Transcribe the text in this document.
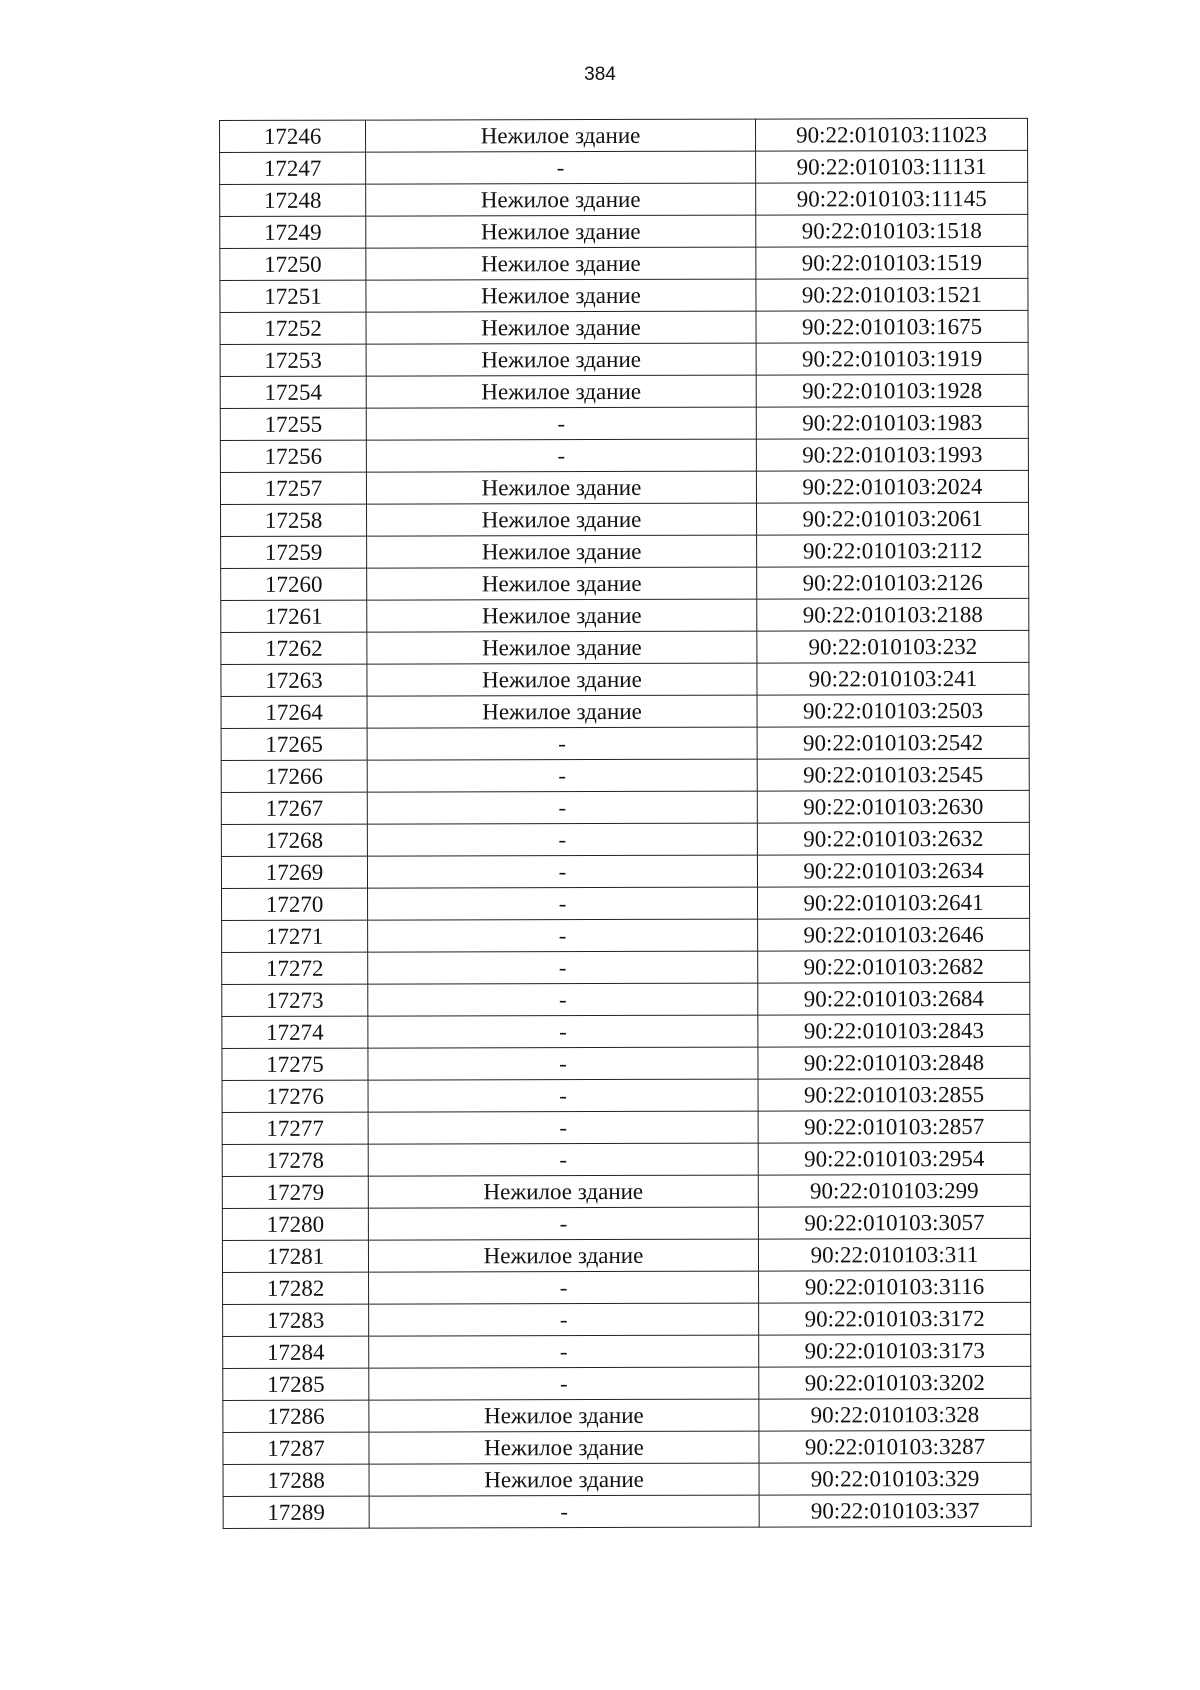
384
17246	Нежилое здание	90:22:010103:11023
17247	-	90:22:010103:11131
17248	Нежилое здание	90:22:010103:11145
17249	Нежилое здание	90:22:010103:1518
17250	Нежилое здание	90:22:010103:1519
17251	Нежилое здание	90:22:010103:1521
17252	Нежилое здание	90:22:010103:1675
17253	Нежилое здание	90:22:010103:1919
17254	Нежилое здание	90:22:010103:1928
17255	-	90:22:010103:1983
17256	-	90:22:010103:1993
17257	Нежилое здание	90:22:010103:2024
17258	Нежилое здание	90:22:010103:2061
17259	Нежилое здание	90:22:010103:2112
17260	Нежилое здание	90:22:010103:2126
17261	Нежилое здание	90:22:010103:2188
17262	Нежилое здание	90:22:010103:232
17263	Нежилое здание	90:22:010103:241
17264	Нежилое здание	90:22:010103:2503
17265	-	90:22:010103:2542
17266	-	90:22:010103:2545
17267	-	90:22:010103:2630
17268	-	90:22:010103:2632
17269	-	90:22:010103:2634
17270	-	90:22:010103:2641
17271	-	90:22:010103:2646
17272	-	90:22:010103:2682
17273	-	90:22:010103:2684
17274	-	90:22:010103:2843
17275	-	90:22:010103:2848
17276	-	90:22:010103:2855
17277	-	90:22:010103:2857
17278	-	90:22:010103:2954
17279	Нежилое здание	90:22:010103:299
17280	-	90:22:010103:3057
17281	Нежилое здание	90:22:010103:311
17282	-	90:22:010103:3116
17283	-	90:22:010103:3172
17284	-	90:22:010103:3173
17285	-	90:22:010103:3202
17286	Нежилое здание	90:22:010103:328
17287	Нежилое здание	90:22:010103:3287
17288	Нежилое здание	90:22:010103:329
17289	-	90:22:010103:337
